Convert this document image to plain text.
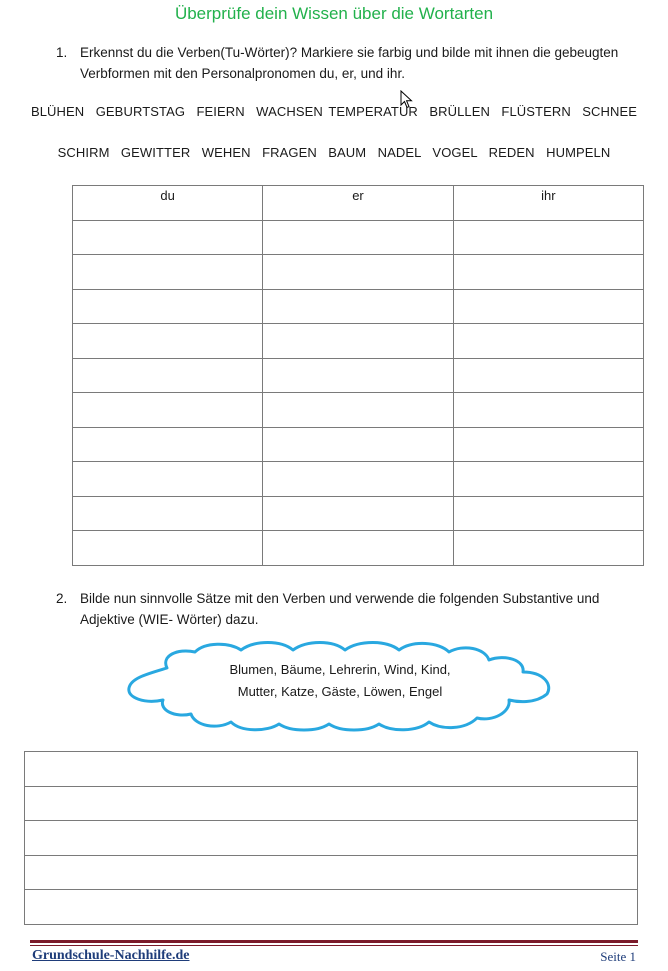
Überprüfe dein Wissen über die Wortarten
1. Erkennst du die Verben(Tu-Wörter)? Markiere sie farbig und bilde mit ihnen die gebeugten Verbformen mit den Personalpronomen du, er, und ihr.
BLÜHEN  GEBURTSTAG  FEIERN  WACHSEN TEMPERATUR  BRÜLLEN  FLÜSTERN  SCHNEE
SCHIRM  GEWITTER  WEHEN  FRAGEN  BAUM  NADEL  VOGEL  REDEN  HUMPELN
du	er	ihr

2. Bilde nun sinnvolle Sätze mit den Verben und verwende die folgenden Substantive und Adjektive (WIE- Wörter) dazu.
Blumen, Bäume, Lehrerin, Wind, Kind,
Mutter, Katze, Gäste, Löwen, Engel

Grundschule-Nachhilfe.de	Seite 1
